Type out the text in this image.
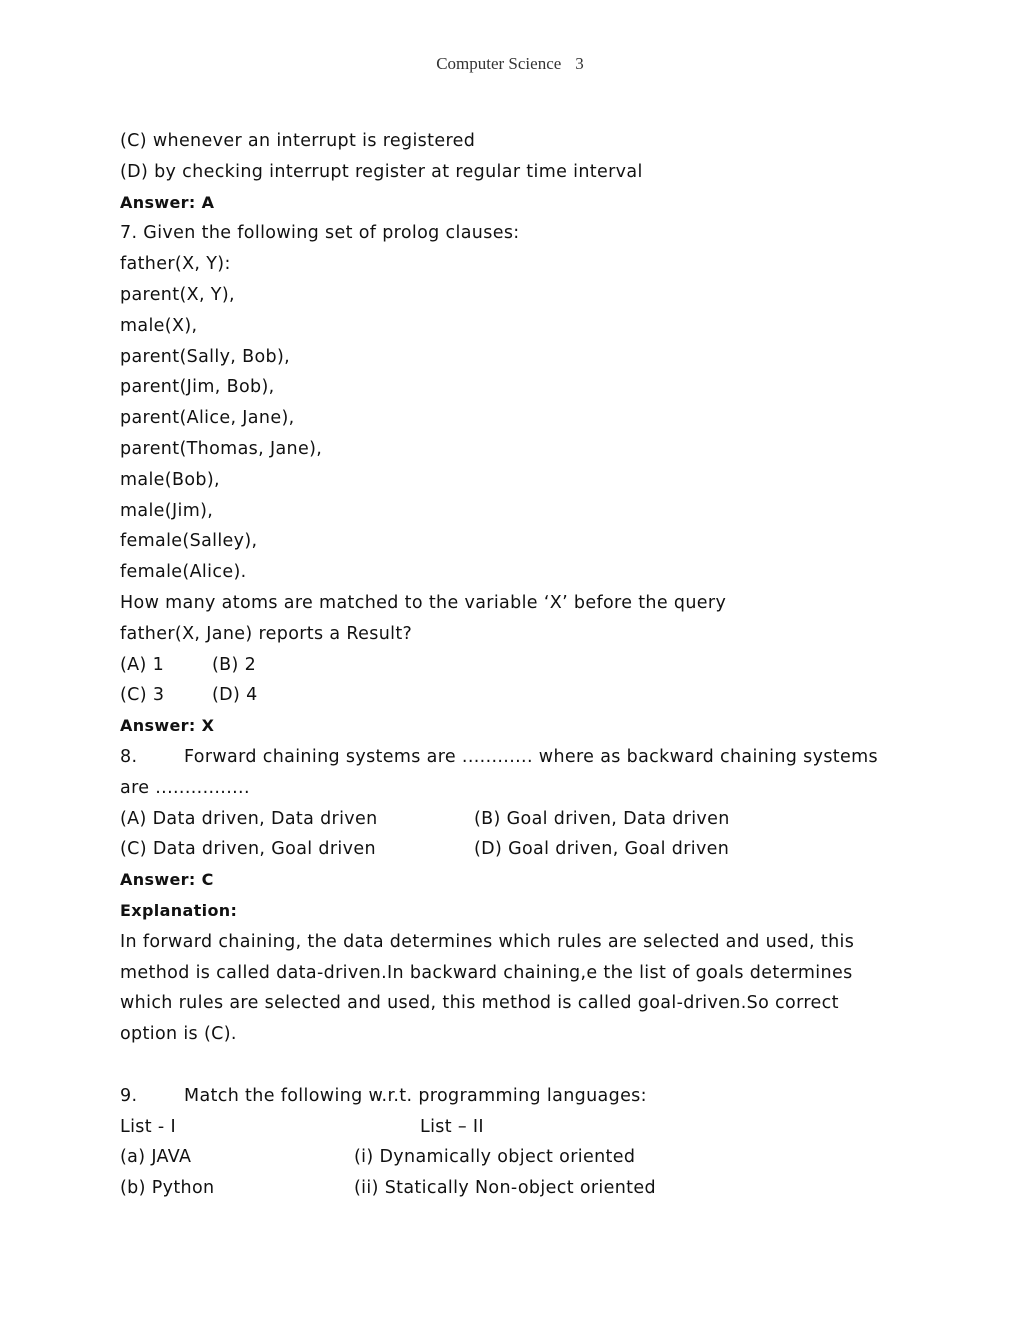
Computer Science 3
(C) whenever an interrupt is registered
(D) by checking interrupt register at regular time interval
Answer: A
7. Given the following set of prolog clauses:
father(X, Y):
parent(X, Y),
male(X),
parent(Sally, Bob),
parent(Jim, Bob),
parent(Alice, Jane),
parent(Thomas, Jane),
male(Bob),
male(Jim),
female(Salley),
female(Alice).
How many atoms are matched to the variable ‘X’ before the query
father(X, Jane) reports a Result?
(A) 1	(B) 2
(C) 3	(D) 4
Answer: X
8.	Forward chaining systems are ............ where as backward chaining systems
are ................
(A) Data driven, Data driven	(B) Goal driven, Data driven
(C) Data driven, Goal driven	(D) Goal driven, Goal driven
Answer: C
Explanation:
In forward chaining, the data determines which rules are selected and used, this
method is called data-driven.In backward chaining,e the list of goals determines
which rules are selected and used, this method is called goal-driven.So correct
option is (C).
9.	Match the following w.r.t. programming languages:
List - I	List – II
(a) JAVA	(i) Dynamically object oriented
(b) Python	(ii) Statically Non-object oriented
